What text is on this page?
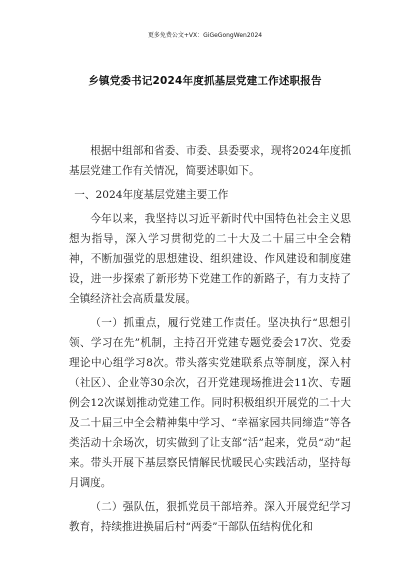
更多免费公文+VX：GiGeGongWen2024
乡镇党委书记2024年度抓基层党建工作述职报告

根据中组部和省委、市委、县委要求，现将2024年度抓基层党建工作有关情况，简要述职如下。

一、2024年度基层党建主要工作

今年以来，我坚持以习近平新时代中国特色社会主义思想为指导，深入学习贯彻党的二十大及二十届三中全会精神，不断加强党的思想建设、组织建设、作风建设和制度建设，进一步探索了新形势下党建工作的新路子，有力支持了全镇经济社会高质量发展。

（一）抓重点，履行党建工作责任。坚决执行“思想引领、学习在先”机制，主持召开党建专题党委会17次、党委理论中心组学习8次。带头落实党建联系点等制度，深入村（社区）、企业等30余次，召开党建现场推进会11次、专题例会12次谋划推动党建工作。同时积极组织开展党的二十大及二十届三中全会精神集中学习、“幸福家园共同缔造”等各类活动十余场次，切实做到了让支部“活”起来，党员“动”起来。带头开展下基层察民情解民忧暖民心实践活动，坚持每月调度。

（二）强队伍，狠抓党员干部培养。深入开展党纪学习教育，持续推进换届后村“两委”干部队伍结构优化和
